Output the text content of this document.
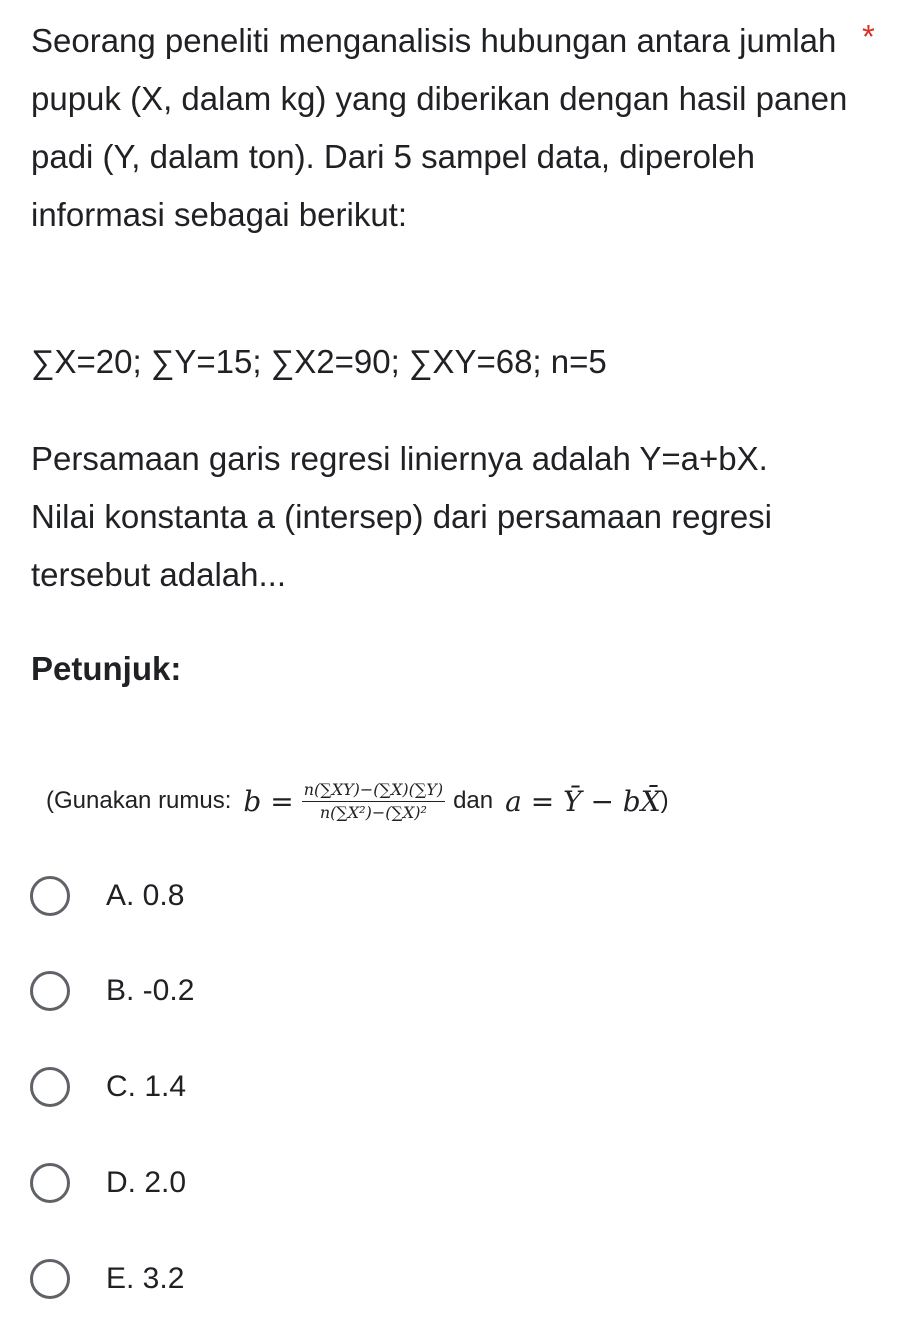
Seorang peneliti menganalisis hubungan antara jumlah pupuk (X, dalam kg) yang diberikan dengan hasil panen padi (Y, dalam ton). Dari 5 sampel data, diperoleh informasi sebagai berikut:

*

∑X=20; ∑Y=15; ∑X2=90; ∑XY=68; n=5

Persamaan garis regresi liniernya adalah Y=a+bX. Nilai konstanta a (intersep) dari persamaan regresi tersebut adalah...

Petunjuk:

(Gunakan rumus: $b = \frac{n(\sum XY)-(\sum X)(\sum Y)}{\text{n(∑X²)−(∑X)²}}$ dan a = Ȳ − bX̄ )
A. 0.8
B. -0.2
C. 1.4
D. 2.0
E. 3.2
